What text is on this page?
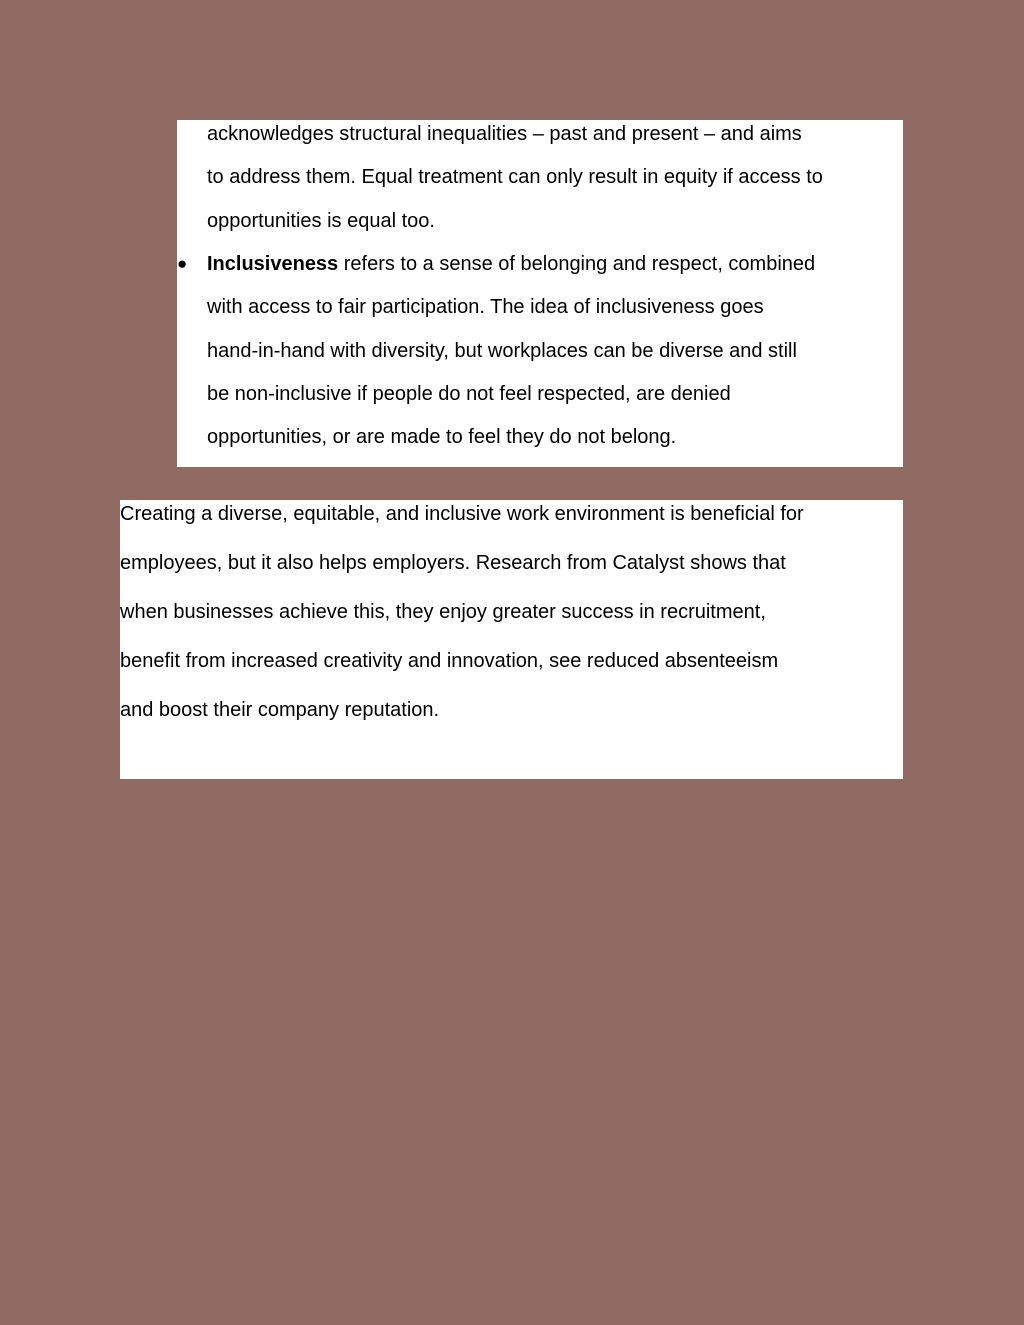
acknowledges structural inequalities – past and present – and aims
to address them. Equal treatment can only result in equity if access to
opportunities is equal too.
● Inclusiveness refers to a sense of belonging and respect, combined
with access to fair participation. The idea of inclusiveness goes
hand-in-hand with diversity, but workplaces can be diverse and still
be non-inclusive if people do not feel respected, are denied
opportunities, or are made to feel they do not belong.
Creating a diverse, equitable, and inclusive work environment is beneficial for
employees, but it also helps employers. Research from Catalyst shows that
when businesses achieve this, they enjoy greater success in recruitment,
benefit from increased creativity and innovation, see reduced absenteeism
and boost their company reputation.
